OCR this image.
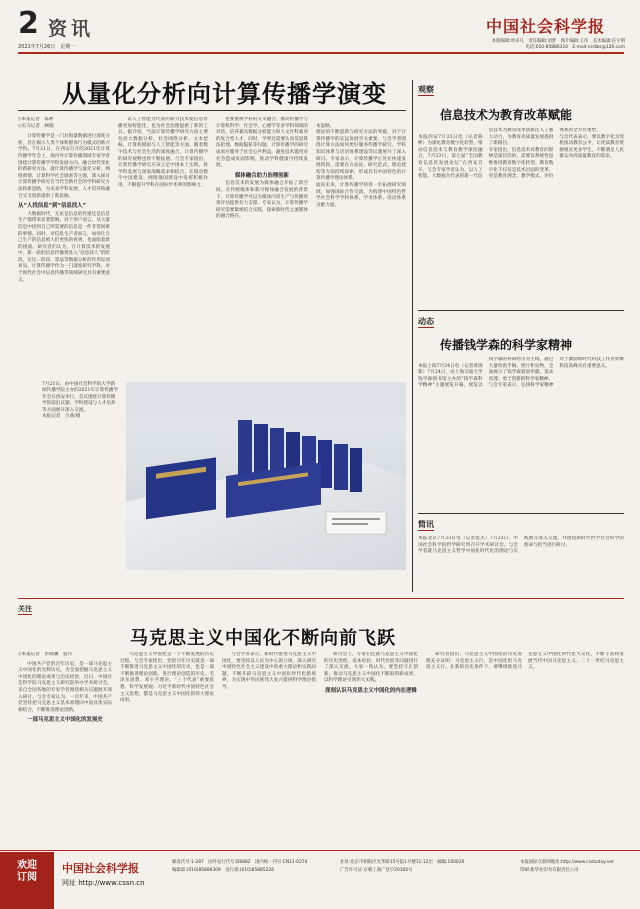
2 资讯
2021年7月26日　星期一
中国社会科学报
本版编辑:周卓凡　责任编辑:刘梦　图片编辑:王伟　美术编辑:任宇明
电话:010-85886310　E-mail:csstbs@126.com
从量化分析向计算传播学演变
◇本报记者　陈彬
◇实习记者　顾晓

计算传播学是一门对海量数据进行深度分析，旨在揭示人类个体和群体行为模式的新兴学科。7月21日，在西安召开的2021年计算传播学年会上，海内外计算传播领域专家学者围绕计算传播学学科发展方向，融合时代变化的新研究方法，就计算传播学与量化分析、网络舆情、计算科学社会调查等主题，深入探讨计算传播学研究在当代全新社会的学科研究方法和新思路，为未来学科发展、人才培养和融合交叉创新提供了新思路。

从“人找信息”到“信息找人”

大数据时代，无论是信息的传递还是信息生产都带来显著影响。对于用户而言，从大量信息中找到自己所需要的信息是一件非常困难的事情。同时，对信息生产者而言，如何让自己生产的信息被人们更快的看到，也面临着新的挑战。研究者们认为，在计算技术的发展中，新一轮的信息传播将进入“信息找人”的阶段。在这一阶段，算法等数据分析的作用显而易见。计算传播学作为一门深度研究学科，对于现代社会中信息传播等领域研究具有重要意义。

以人工智能为代表的新兴技术使信息传播更加智能化，也为社会治理提供了新的工具。据介绍，当前计算传播学研究方法主要包括大数据分析、社会网络分析、文本挖掘、计算机模拟与人工智能等方面。随着数字技术与社会生活的深度融合，计算传播学的研究视野也将不断拓展。与会专家指出，计算传播学研究应该立足中国本土实践，将学科发展与国家战略需求相结合，在推动数字中国建设、网络强国建设中发挥积极作用，不断提升学科在国际学术界的影响力。

也要重视学科的交叉融合，推动传播学与计算机科学、社会学、心理学等多学科领域的对话，培养兼具数据分析能力和人文社科素养的复合型人才。同时，学界还需要认真反思算法伦理、数据隐私等问题，计算传播学的研究成果应服务于社会公共利益，避免技术滥用对社会造成负面影响，推动学科健康可持续发展。

媒体融合助力治理创新

信息技术的发展为媒体融合开拓了新空间。在传统媒体和新兴媒体融合发展的背景下，计算传播学可以为媒体内容生产与传播效果评估提供有力支撑。专家认为，计算传播学研究需要紧密结合实践，探索新时代主流媒体的融合路径。

本思路。
理论的不断创新与研究方法的突破，对于计算传播学的长远发展至关重要。与会学者围绕计算方法如何更好服务传播学研究、学科知识体系与话语体系建设等议题展开了深入研讨。专家表示，计算传播学正处在快速发展阶段，需要在方法论、研究范式、理论建构等方面持续探索，形成具有中国特色的计算传播学理论体系。
面向未来，计算传播学将进一步拓展研究领域，加强国际合作交流，为构建中国特色哲学社会科学学科体系、学术体系、话语体系贡献力量。

7月21日，由中国社会科学院大学新闻传播学院主办的2021年计算传播学年会在西安举行。会议围绕计算传播学的前沿议题、学科建设与人才培养等方面展开深入交流。
本报记者　吕萌/摄
观察
信息技术为教育改革赋能

本报西安7月23日电（记者陈彬）为深化教育数字化转型，推动信息技术与教育教学深度融合，7月23日，第七届“全国教育信息化发展论坛”在西安召开。与会专家学者认为，以人工智能、大数据为代表的新一代信息技术为教育改革创新注入了强大动力，为教育高质量发展提供了新路径。
专家指出，信息技术对教育的影响是深层次的，需要以系统性思维推进教育数字化转型。教育数字化不仅仅是技术层面的变革，更是教育理念、教学模式、评价体系的全方位重塑。
与会代表表示，要以数字化为契机推动教育公平，让优质教育资源惠及更多学生，不断满足人民群众对高质量教育的需求。

动态
传播钱学森的科学家精神

本报上海7月24日电（记者黄锦新）7月24日，由上海交通大学钱学森图书馆主办的“钱学森科学精神”主题展览开幕。展览以钱学森的科研经历为主线，通过大量珍贵手稿、照片和实物，全面展示了钱学森爱国奉献、追求真理、勇于创新的科学家精神。
与会专家表示，弘扬科学家精神对于激励新时代科技工作者勇攀科技高峰具有重要意义。

简讯
本报北京7月23日电（记者张杰）7月23日，中国社会科学院哲学研究所召开学术研讨会。与会学者就马克思主义哲学中国化时代化的理论与实践展开深入交流，并围绕新时代哲学社会科学的使命与担当进行研讨。
关注
马克思主义中国化不断向前飞跃
◇本报记者　彭晓澜　夏丹

中国共产党的百年历史，是一部马克思主义中国化的光辉历史。为全面把握马克思主义中国化的理论成果与历史经验，近日，中国社会科学院马克思主义研究院举办学术研讨会，来自全国各地的专家学者围绕相关议题展开深入研讨。与会专家认为，一百年来，中国共产党坚持把马克思主义基本原理同中国具体实际相结合，不断推进理论创新。

一部马克思主义中国化的发展史

马克思主义中国化是一个不断发展的历史过程。与会专家指出，党的百年历史就是一部不断推进马克思主义中国化的历史，也是一部不断推进理论创新、进行理论创造的历史。毛泽东思想、邓小平理论、“三个代表”重要思想、科学发展观、习近平新时代中国特色社会主义思想，都是马克思主义中国化的伟大理论成果。

与会学者表示，新时代推进马克思主义中国化，要坚持以人民为中心的立场，深入研究中国特色社会主义建设中的重大理论和实践问题，不断开辟马克思主义中国化时代化新境界，为实现中华民族伟大复兴提供科学理论指导。

研讨会上，专家们还就马克思主义中国化的历史进程、基本经验、时代价值等问题进行了深入交流。大家一致认为，要坚持守正创新，推动马克思主义中国化不断取得新成果，以科学理论引领伟大实践。

深刻认识马克思主义中国化的内在逻辑

研究者指出，马克思主义中国化的历史进程充分证明：马克思主义行，是中国化的马克思主义行。在新的历史条件下，要继续推进马克思主义中国化时代化大众化，不断丰富和发展当代中国马克思主义、二十一世纪马克思主义。

欢迎订阅
中国社会科学报
网址 http://www.cssn.cn
邮发代号:1-287　国外发行代号:D8882　国内统一刊号:CN11-0274
编辑部:(010)85886309　发行部:(010)85885226
社址:北京市朝阳区光华路15号院1号楼11-12层　邮编:100026
广告许可证:京朝工商广登字20160号
本报国际互联网地址:http://www.csstoday.net
印刷:新华社印务有限责任公司
